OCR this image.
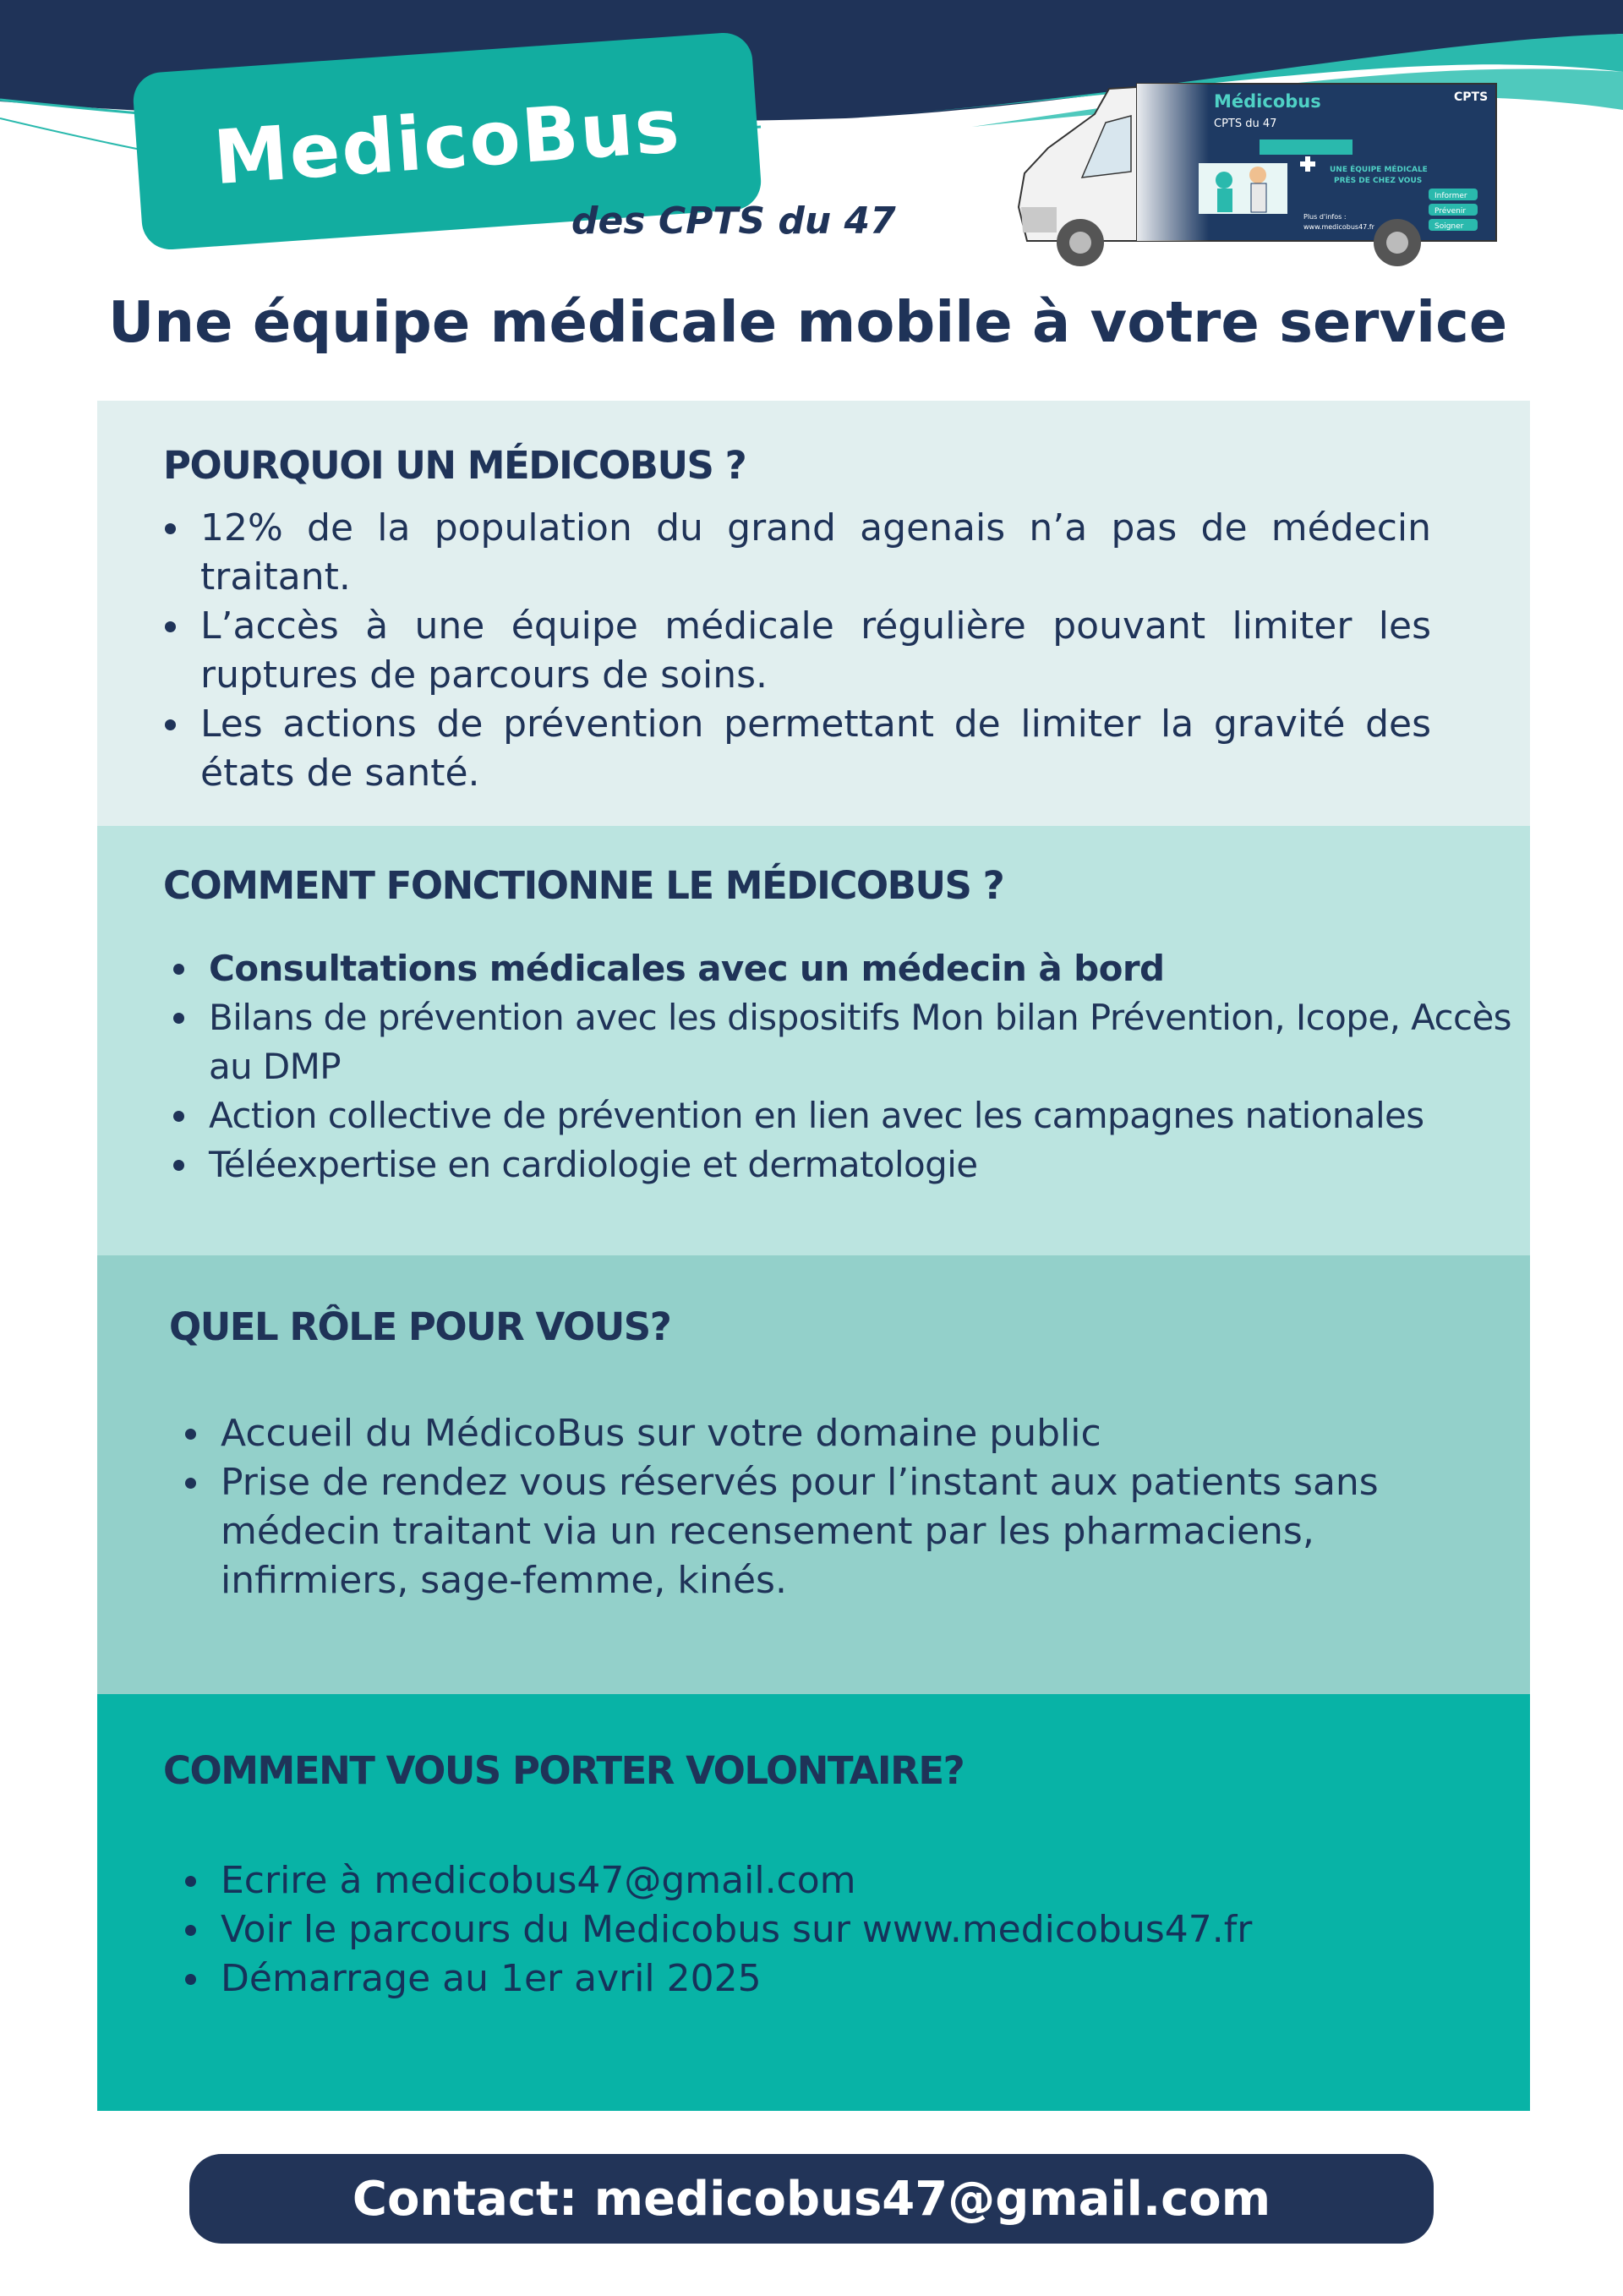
MedicoBus
des CPTS du 47
Médicobus
CPTS du 47
CPTS
UNE ÉQUIPE MÉDICALE
PRÈS DE CHEZ VOUS
Informer
Prévenir
Soigner
Plus d'infos :
www.medicobus47.fr
Une équipe médicale mobile à votre service
POURQUOI UN MÉDICOBUS ?
12% de la population du grand agenais n’a pas de médecin traitant.
L’accès à une équipe médicale régulière pouvant limiter les ruptures de parcours de soins.
Les actions de prévention permettant de limiter la gravité des états de santé.
COMMENT FONCTIONNE LE MÉDICOBUS ?
Consultations médicales avec un médecin à bord
Bilans de prévention avec les dispositifs Mon bilan Prévention, Icope, Accès au DMP
Action collective de prévention en lien avec les campagnes nationales
Téléexpertise en cardiologie et dermatologie
QUEL RÔLE POUR VOUS?
Accueil du MédicoBus sur votre domaine public
Prise de rendez vous réservés pour l’instant aux patients sans médecin traitant via un recensement par les pharmaciens, infirmiers, sage-femme, kinés.
COMMENT VOUS PORTER VOLONTAIRE?
Ecrire à medicobus47@gmail.com
Voir le parcours du Medicobus sur www.medicobus47.fr
Démarrage au 1er avril 2025
Contact: medicobus47@gmail.com
